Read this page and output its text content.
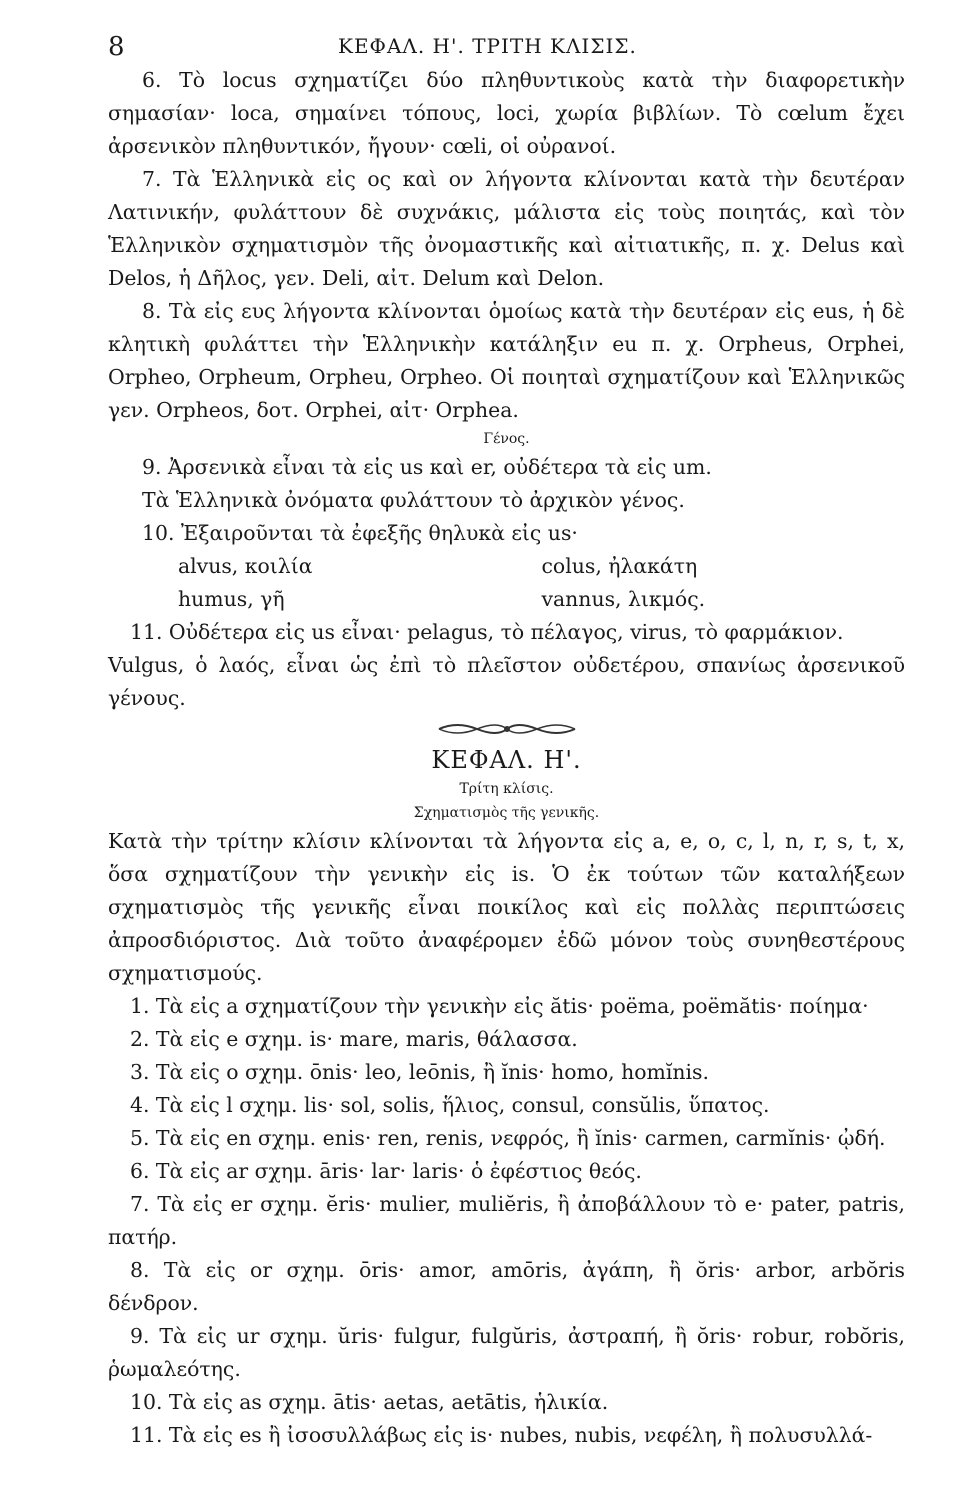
8	ΚΕΦΑΛ. Η'. ΤΡΙΤΗ ΚΛΙΣΙΣ.

6. Τὸ locus σχηματίζει δύο πληθυντικοὺς κατὰ τὴν διαφορετικὴν σημασίαν· loca, σημαίνει τόπους, loci, χωρία βιβλίων. Τὸ cœlum ἔχει ἀρσενικὸν πληθυντικόν, ἤγουν· cœli, οἱ οὐρανοί.

7. Τὰ Ἑλληνικὰ εἰς ος καὶ ον λήγοντα κλίνονται κατὰ τὴν δευτέραν Λατινικήν, φυλάττουν δὲ συχνάκις, μάλιστα εἰς τοὺς ποιητάς, καὶ τὸν Ἑλληνικὸν σχηματισμὸν τῆς ὀνομαστικῆς καὶ αἰτιατικῆς, π. χ. Delus καὶ Delos, ἡ Δῆλος, γεν. Deli, αἰτ. Delum καὶ Delon.

8. Τὰ εἰς ευς λήγοντα κλίνονται ὁμοίως κατὰ τὴν δευτέραν εἰς eus, ἡ δὲ κλητικὴ φυλάττει τὴν Ἑλληνικὴν κατάληξιν eu π. χ. Orpheus, Orphei, Orpheo, Orpheum, Orpheu, Orpheo. Οἱ ποιηταὶ σχηματίζουν καὶ Ἑλληνικῶς γεν. Orpheos, δοτ. Orphei, αἰτ· Orphea.

Γένος.

9. Ἀρσενικὰ εἶναι τὰ εἰς us καὶ er, οὐδέτερα τὰ εἰς um.

Τὰ Ἑλληνικὰ ὀνόματα φυλάττουν τὸ ἀρχικὸν γένος.

10. Ἐξαιροῦνται τὰ ἐφεξῆς θηλυκὰ εἰς us·

alvus, κοιλία	colus, ἠλακάτη

humus, γῆ	vannus, λικμός.

11. Οὐδέτερα εἰς us εἶναι· pelagus, τὸ πέλαγος, virus, τὸ φαρμάκιον.

Vulgus, ὁ λαός, εἶναι ὡς ἐπὶ τὸ πλεῖστον οὐδετέρου, σπανίως ἀρσενικοῦ γένους.

ΚΕΦΑΛ. Η'.

Τρίτη κλίσις.

Σχηματισμὸς τῆς γενικῆς.

Κατὰ τὴν τρίτην κλίσιν κλίνονται τὰ λήγοντα εἰς a, e, o, c, l, n, r, s, t, x, ὅσα σχηματίζουν τὴν γενικὴν εἰς is. Ὁ ἐκ τούτων τῶν καταλήξεων σχηματισμὸς τῆς γενικῆς εἶναι ποικίλος καὶ εἰς πολλὰς περιπτώσεις ἀπροσδιόριστος. Διὰ τοῦτο ἀναφέρομεν ἐδῶ μόνον τοὺς συνηθεστέρους σχηματισμούς.

1. Τὰ εἰς a σχηματίζουν τὴν γενικὴν εἰς ătis· poëma, poëmătis· ποίημα·

2. Τὰ εἰς e σχημ. is· mare, maris, θάλασσα.

3. Τὰ εἰς o σχημ. ōnis· leo, leōnis, ἢ ĭnis· homo, homĭnis.

4. Τὰ εἰς l σχημ. lis· sol, solis, ἥλιος, consul, consŭlis, ὕπατος.

5. Τὰ εἰς en σχημ. enis· ren, renis, νεφρός, ἢ ĭnis· carmen, carmĭnis· ᾠδή.

6. Τὰ εἰς ar σχημ. āris· lar· laris· ὁ ἐφέστιος θεός.

7. Τὰ εἰς er σχημ. ĕris· mulier, muliĕris, ἢ ἀποβάλλουν τὸ e· pater, patris, πατήρ.

8. Τὰ εἰς or σχημ. ōris· amor, amōris, ἀγάπη, ἢ ŏris· arbor, arbŏris δένδρον.

9. Τὰ εἰς ur σχημ. ŭris· fulgur, fulgŭris, ἀστραπή, ἢ ŏris· robur, robŏris, ῥωμαλεότης.

10. Τὰ εἰς as σχημ. ātis· aetas, aetātis, ἡλικία.

11. Τὰ εἰς es ἢ ἰσοσυλλάβως εἰς is· nubes, nubis, νεφέλη, ἢ πολυσυλλά-
